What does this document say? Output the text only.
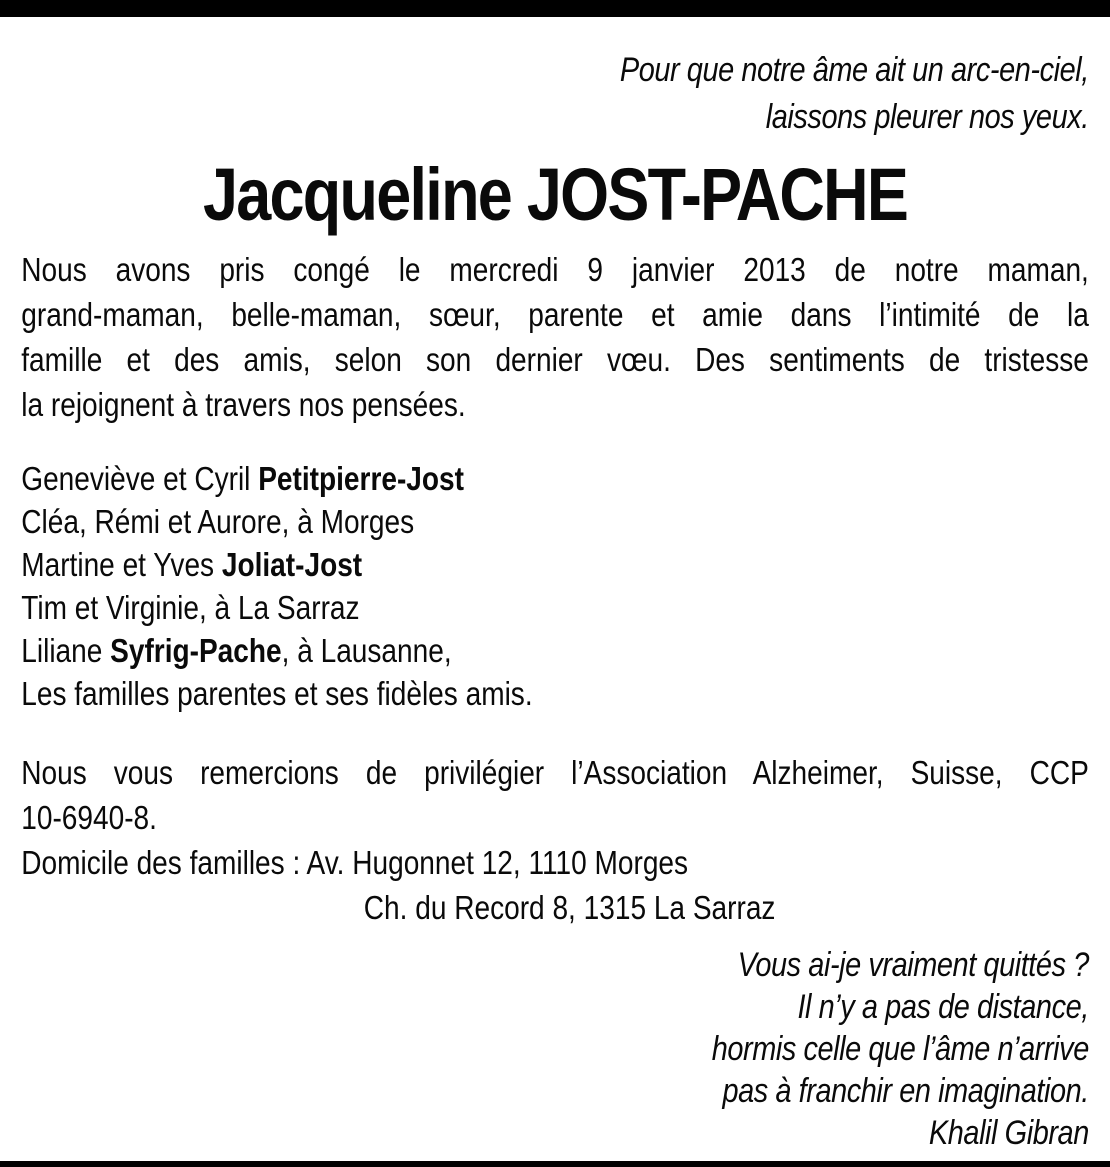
Pour que notre âme ait un arc-en-ciel,
laissons pleurer nos yeux.
Jacqueline JOST-PACHE
Nous avons pris congé le mercredi 9 janvier 2013 de notre maman,
grand-maman, belle-maman, sœur, parente et amie dans l’intimité de la
famille et des amis, selon son dernier vœu. Des sentiments de tristesse
la rejoignent à travers nos pensées.
Geneviève et Cyril Petitpierre-Jost
Cléa, Rémi et Aurore, à Morges
Martine et Yves Joliat-Jost
Tim et Virginie, à La Sarraz
Liliane Syfrig-Pache, à Lausanne,
Les familles parentes et ses fidèles amis.
Nous vous remercions de privilégier l’Association Alzheimer, Suisse, CCP
10-6940-8.
Domicile des familles : Av. Hugonnet 12, 1110 Morges
Ch. du Record 8, 1315 La Sarraz
Vous ai-je vraiment quittés ?
Il n’y a pas de distance,
hormis celle que l’âme n’arrive
pas à franchir en imagination.
Khalil Gibran
